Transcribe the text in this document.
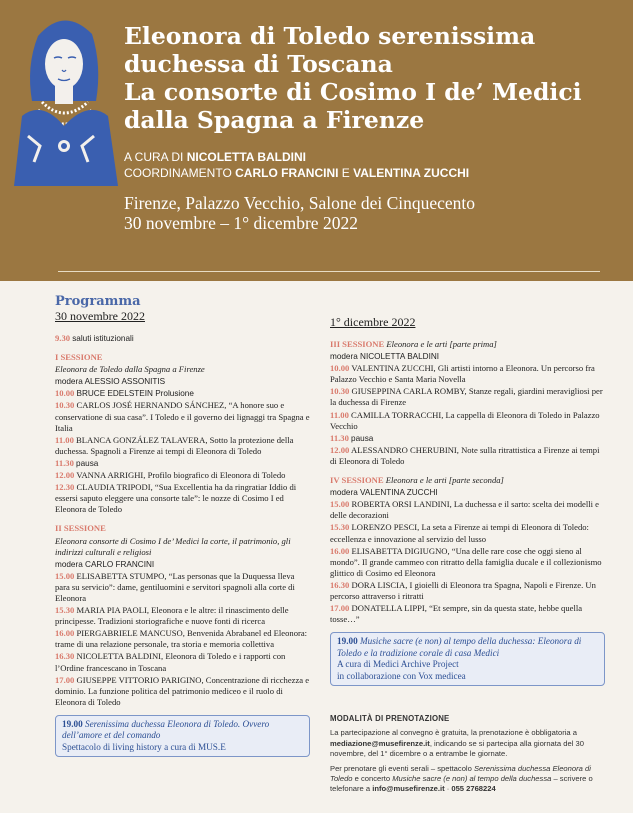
Eleonora di Toledo serenissima
duchessa di Toscana
La consorte di Cosimo I de’ Medici
dalla Spagna a Firenze
A CURA DI NICOLETTA BALDINI
COORDINAMENTO CARLO FRANCINI E VALENTINA ZUCCHI
Firenze, Palazzo Vecchio, Salone dei Cinquecento
30 novembre – 1° dicembre 2022
Programma
30 novembre 2022
9.30 saluti istituzionali
I SESSIONE
Eleonora de Toledo dalla Spagna a Firenze
modera ALESSIO ASSONITIS
10.00 BRUCE EDELSTEIN Prolusione
10.30 CARLOS JOSÉ HERNANDO SÁNCHEZ, “A honore suo e conservatione di sua casa”. I Toledo e il governo dei lignaggi tra Spagna e Italia
11.00 BLANCA GONZÁLEZ TALAVERA, Sotto la protezione della duchessa. Spagnoli a Firenze ai tempi di Eleonora di Toledo
11.30 pausa
12.00 VANNA ARRIGHI, Profilo biografico di Eleonora di Toledo
12.30 CLAUDIA TRIPODI, “Sua Excellentia ha da ringratiar Iddio di essersi saputo eleggere una consorte tale”: le nozze di Cosimo I ed Eleonora de Toledo
II SESSIONE
Eleonora consorte di Cosimo I de’ Medici la corte, il patrimonio, gli indirizzi culturali e religiosi
modera CARLO FRANCINI
15.00 ELISABETTA STUMPO, “Las personas que la Duquessa lleva para su servicio”: dame, gentiluomini e servitori spagnoli alla corte di Eleonora
15.30 MARIA PIA PAOLI, Eleonora e le altre: il rinascimento delle principesse. Tradizioni storiografiche e nuove fonti di ricerca
16.00 PIERGABRIELE MANCUSO, Benvenida Abrabanel ed Eleonora: trame di una relazione personale, tra storia e memoria collettiva
16.30 NICOLETTA BALDINI, Eleonora di Toledo e i rapporti con l’Ordine francescano in Toscana
17.00 GIUSEPPE VITTORIO PARIGINO, Concentrazione di ricchezza e dominio. La funzione politica del patrimonio mediceo e il ruolo di Eleonora di Toledo
19.00 Serenissima duchessa Eleonora di Toledo. Ovvero dell’amore et del comando
Spettacolo di living history a cura di MUS.E
1° dicembre 2022
III SESSIONE Eleonora e le arti [parte prima]
modera NICOLETTA BALDINI
10.00 VALENTINA ZUCCHI, Gli artisti intorno a Eleonora. Un percorso fra Palazzo Vecchio e Santa Maria Novella
10.30 GIUSEPPINA CARLA ROMBY, Stanze regali, giardini meravigliosi per la duchessa di Firenze
11.00 CAMILLA TORRACCHI, La cappella di Eleonora di Toledo in Palazzo Vecchio
11.30 pausa
12.00 ALESSANDRO CHERUBINI, Note sulla ritrattistica a Firenze ai tempi di Eleonora di Toledo
IV SESSIONE Eleonora e le arti [parte seconda]
modera VALENTINA ZUCCHI
15.00 ROBERTA ORSI LANDINI, La duchessa e il sarto: scelta dei modelli e delle decorazioni
15.30 LORENZO PESCI, La seta a Firenze ai tempi di Eleonora di Toledo: eccellenza e innovazione al servizio del lusso
16.00 ELISABETTA DIGIUGNO, “Una delle rare cose che oggi sieno al mondo”. Il grande cammeo con ritratto della famiglia ducale e il collezionismo glittico di Cosimo ed Eleonora
16.30 DORA LISCIA, I gioielli di Eleonora tra Spagna, Napoli e Firenze. Un percorso attraverso i ritratti
17.00 DONATELLA LIPPI, “Et sempre, sin da questa state, hebbe quella tosse…”
19.00 Musiche sacre (e non) al tempo della duchessa: Eleonora di Toledo e la tradizione corale di casa Medici
A cura di Medici Archive Project
in collaborazione con Vox medicea
MODALITÀ DI PRENOTAZIONE

La partecipazione al convegno è gratuita, la prenotazione è obbligatoria a mediazione@musefirenze.it, indicando se si partecipa alla giornata del 30 novembre, del 1° dicembre o a entrambe le giornate.

Per prenotare gli eventi serali – spettacolo Serenissima duchessa Eleonora di Toledo e concerto Musiche sacre (e non) al tempo della duchessa – scrivere o telefonare a info@musefirenze.it · 055 2768224
